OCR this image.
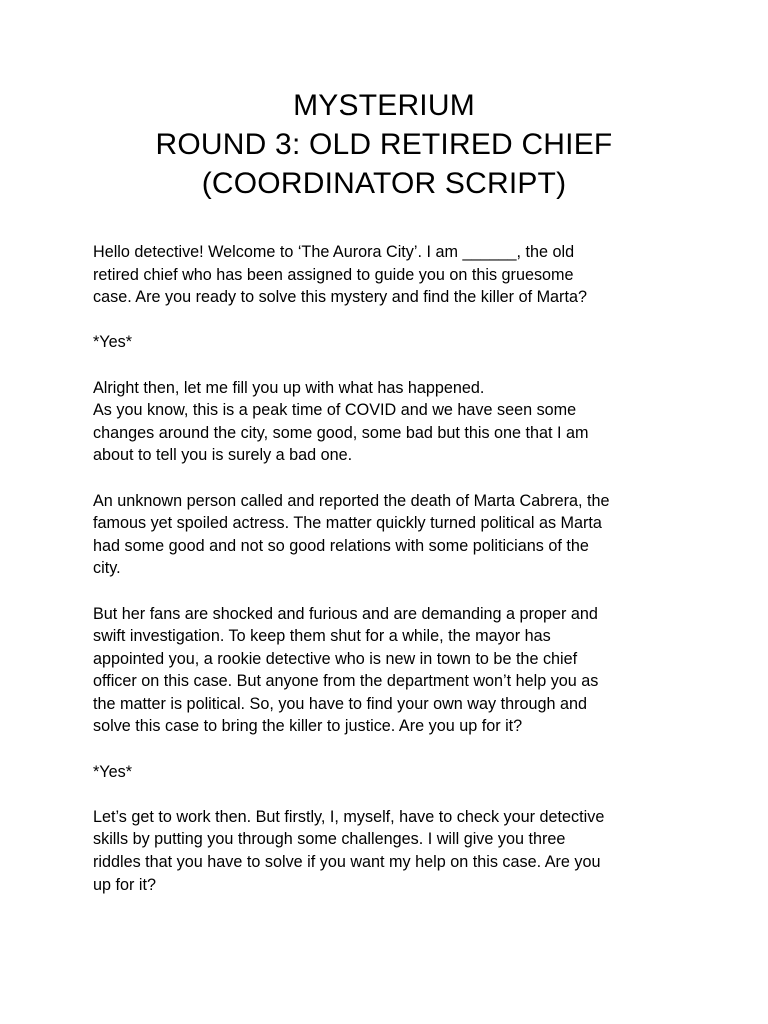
MYSTERIUM
ROUND 3: OLD RETIRED CHIEF
(COORDINATOR SCRIPT)

Hello detective! Welcome to ‘The Aurora City’. I am ______, the old
retired chief who has been assigned to guide you on this gruesome
case. Are you ready to solve this mystery and find the killer of Marta?

*Yes*

Alright then, let me fill you up with what has happened.
As you know, this is a peak time of COVID and we have seen some
changes around the city, some good, some bad but this one that I am
about to tell you is surely a bad one.

An unknown person called and reported the death of Marta Cabrera, the
famous yet spoiled actress. The matter quickly turned political as Marta
had some good and not so good relations with some politicians of the
city.

But her fans are shocked and furious and are demanding a proper and
swift investigation. To keep them shut for a while, the mayor has
appointed you, a rookie detective who is new in town to be the chief
officer on this case. But anyone from the department won’t help you as
the matter is political. So, you have to find your own way through and
solve this case to bring the killer to justice. Are you up for it?

*Yes*

Let’s get to work then. But firstly, I, myself, have to check your detective
skills by putting you through some challenges. I will give you three
riddles that you have to solve if you want my help on this case. Are you
up for it?
